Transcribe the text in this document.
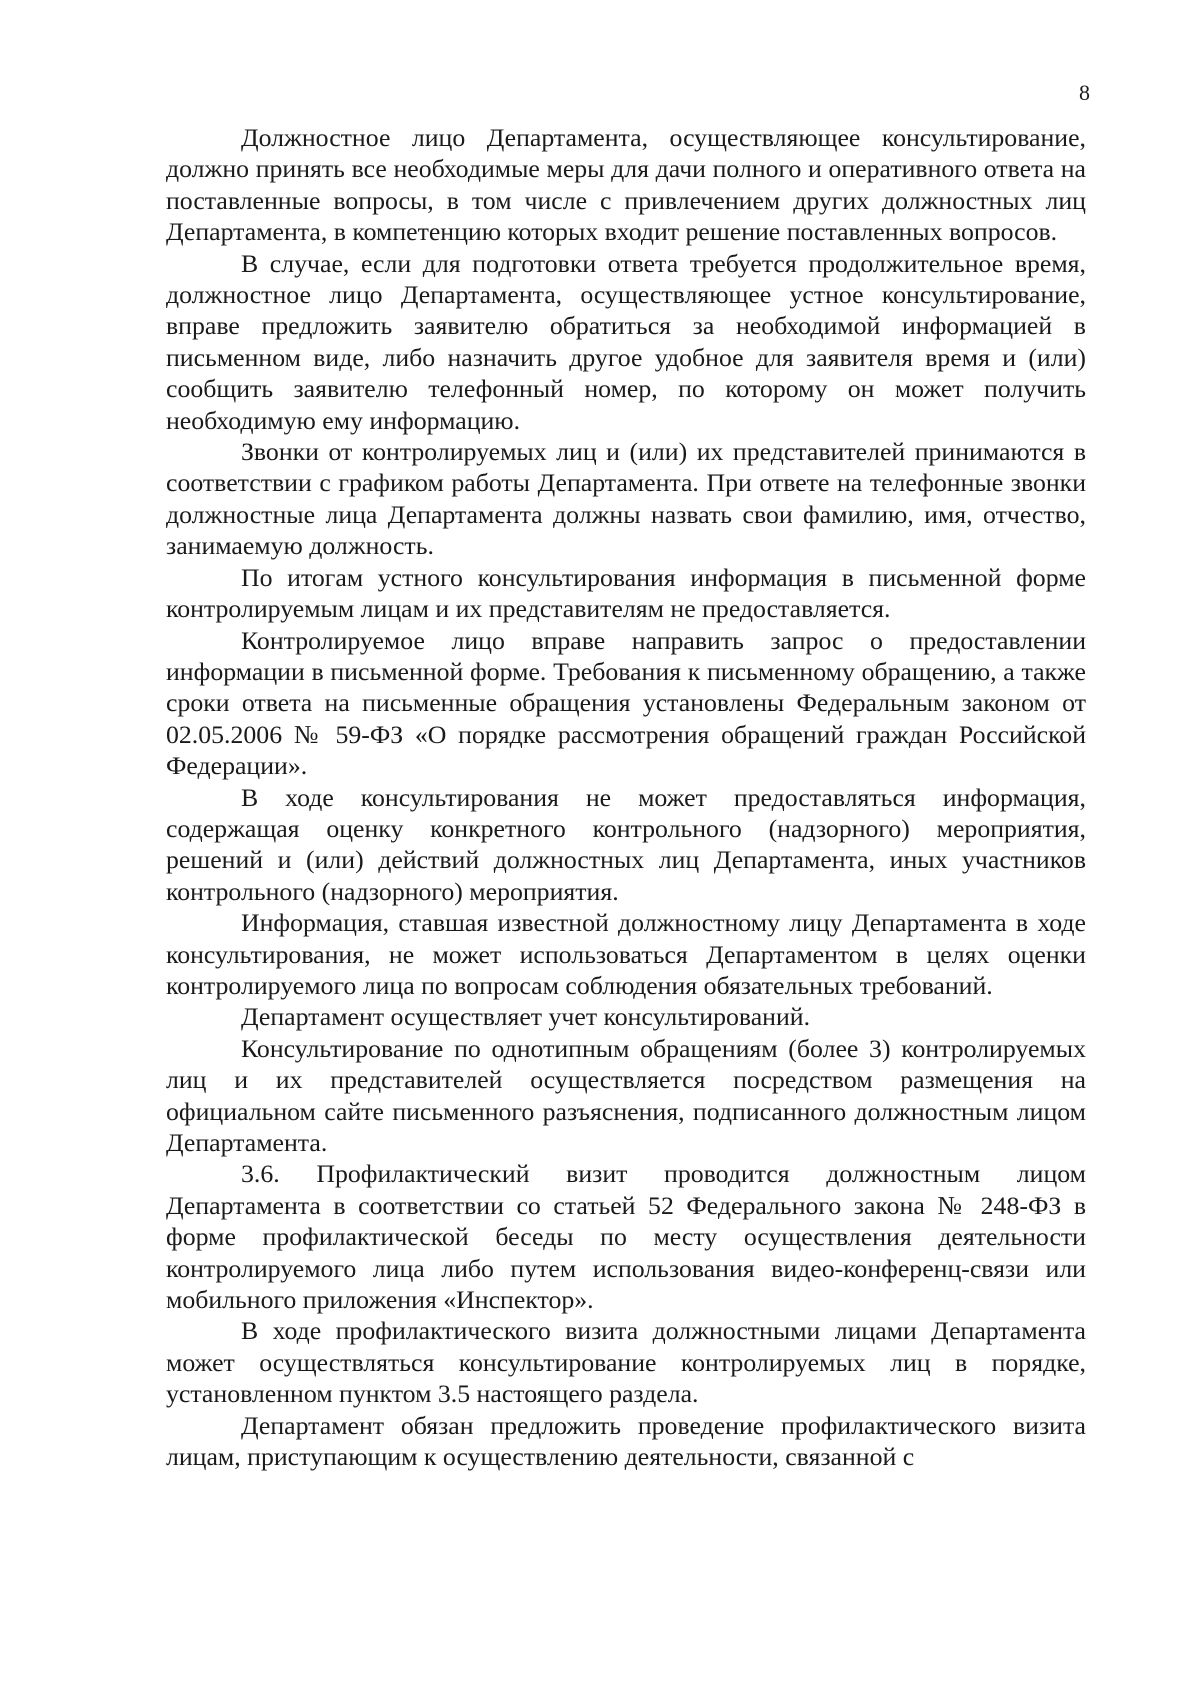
8

Должностное лицо Департамента, осуществляющее консультирование, должно принять все необходимые меры для дачи полного и оперативного ответа на поставленные вопросы, в том числе с привлечением других должностных лиц Департамента, в компетенцию которых входит решение поставленных вопросов.

В случае, если для подготовки ответа требуется продолжительное время, должностное лицо Департамента, осуществляющее устное консультирование, вправе предложить заявителю обратиться за необходимой информацией в письменном виде, либо назначить другое удобное для заявителя время и (или) сообщить заявителю телефонный номер, по которому он может получить необходимую ему информацию.

Звонки от контролируемых лиц и (или) их представителей принимаются в соответствии с графиком работы Департамента. При ответе на телефонные звонки должностные лица Департамента должны назвать свои фамилию, имя, отчество, занимаемую должность.

По итогам устного консультирования информация в письменной форме контролируемым лицам и их представителям не предоставляется.

Контролируемое лицо вправе направить запрос о предоставлении информации в письменной форме. Требования к письменному обращению, а также сроки ответа на письменные обращения установлены Федеральным законом от 02.05.2006 № 59-ФЗ «О порядке рассмотрения обращений граждан Российской Федерации».

В ходе консультирования не может предоставляться информация, содержащая оценку конкретного контрольного (надзорного) мероприятия, решений и (или) действий должностных лиц Департамента, иных участников контрольного (надзорного) мероприятия.

Информация, ставшая известной должностному лицу Департамента в ходе консультирования, не может использоваться Департаментом в целях оценки контролируемого лица по вопросам соблюдения обязательных требований.

Департамент осуществляет учет консультирований.

Консультирование по однотипным обращениям (более 3) контролируемых лиц и их представителей осуществляется посредством размещения на официальном сайте письменного разъяснения, подписанного должностным лицом Департамента.

3.6. Профилактический визит проводится должностным лицом Департамента в соответствии со статьей 52 Федерального закона № 248-ФЗ в форме профилактической беседы по месту осуществления деятельности контролируемого лица либо путем использования видео-конференц-связи или мобильного приложения «Инспектор».

В ходе профилактического визита должностными лицами Департамента может осуществляться консультирование контролируемых лиц в порядке, установленном пунктом 3.5 настоящего раздела.

Департамент обязан предложить проведение профилактического визита лицам, приступающим к осуществлению деятельности, связанной с
